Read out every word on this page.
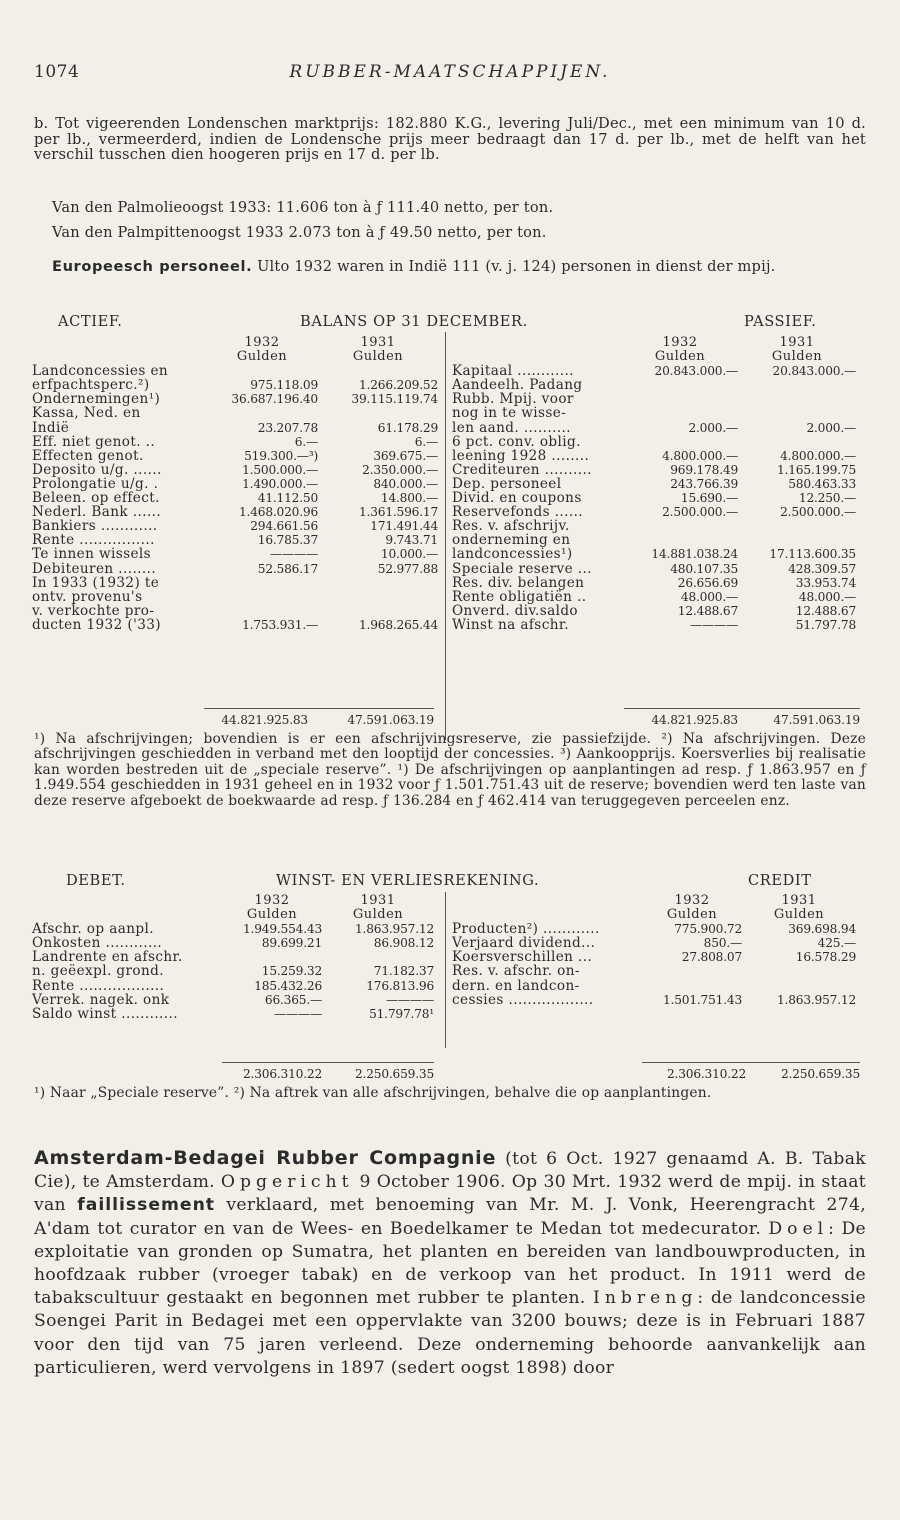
1074	RUBBER-MAATSCHAPPIJEN.
b. Tot vigeerenden Londenschen marktprijs: 182.880 K.G., levering Juli/Dec., met een minimum van 10 d. per lb., vermeerderd, indien de Londensche prijs meer bedraagt dan 17 d. per lb., met de helft van het verschil tusschen dien hoogeren prijs en 17 d. per lb.
Van den Palmolieoogst 1933: 11.606 ton à ƒ 111.40 netto, per ton.
Van den Palmpittenoogst 1933 2.073 ton à ƒ 49.50 netto, per ton.
Europeesch personeel. Ulto 1932 waren in Indië 111 (v. j. 124) personen in dienst der mpij.
ACTIEF.	BALANS OP 31 DECEMBER.	PASSIEF.
	1932	1931
	Gulden	Gulden
Landconcessies en		
erfpachtsperc.²)	975.118.09	1.266.209.52
Ondernemingen¹)	36.687.196.40	39.115.119.74
Kassa, Ned. en		
Indië	23.207.78	61.178.29
Eff. niet genot. ..	6.—	6.—
Effecten genot.	519.300.—³)	369.675.—
Deposito u/g. ......	1.500.000.—	2.350.000.—
Prolongatie u/g. .	1.490.000.—	840.000.—
Beleen. op effect.	41.112.50	14.800.—
Nederl. Bank ......	1.468.020.96	1.361.596.17
Bankiers ............	294.661.56	171.491.44
Rente ................	16.785.37	9.743.71
Te innen wissels	————	10.000.—
Debiteuren ........	52.586.17	52.977.88
In 1933 (1932) te		
ontv. provenu's		
v. verkochte pro-		
ducten 1932 ('33)	1.753.931.—	1.968.265.44
	1932	1931
	Gulden	Gulden

Kapitaal ............	20.843.000.—	20.843.000.—
Aandeelh. Padang		
Rubb. Mpij. voor		
nog in te wisse-		
len aand. ..........	2.000.—	2.000.—
6 pct. conv. oblig.		
leening 1928 ........	4.800.000.—	4.800.000.—
Crediteuren ..........	969.178.49	1.165.199.75
Dep. personeel	243.766.39	580.463.33
Divid. en coupons	15.690.—	12.250.—
Reservefonds ......	2.500.000.—	2.500.000.—
Res. v. afschrijv.		
onderneming en		
landconcessies¹)	14.881.038.24	17.113.600.35
Speciale reserve ...	480.107.35	428.309.57
Res. div. belangen	26.656.69	33.953.74
Rente obligatiën ..	48.000.—	48.000.—
Onverd. div.saldo	12.488.67	12.488.67
Winst na afschr.	————	51.797.78
44.821.925.83	47.591.063.19	44.821.925.83	47.591.063.19
¹) Na afschrijvingen; bovendien is er een afschrijvingsreserve, zie passiefzijde. ²) Na afschrijvingen. Deze afschrijvingen geschiedden in verband met den looptijd der concessies. ³) Aankoopprijs. Koersverlies bij realisatie kan worden bestreden uit de „speciale reserve”. ¹) De afschrijvingen op aanplantingen ad resp. ƒ 1.863.957 en ƒ 1.949.554 geschiedden in 1931 geheel en in 1932 voor ƒ 1.501.751.43 uit de reserve; bovendien werd ten laste van deze reserve afgeboekt de boekwaarde ad resp. ƒ 136.284 en ƒ 462.414 van teruggegeven perceelen enz.
DEBET.	WINST- EN VERLIESREKENING.	CREDIT
	1932	1931
	Gulden	Gulden
Afschr. op aanpl.	1.949.554.43	1.863.957.12
Onkosten ............	89.699.21	86.908.12
Landrente en afschr.		
n. geëexpl. grond.	15.259.32	71.182.37
Rente ..................	185.432.26	176.813.96
Verrek. nagek. onk	66.365.—	————
Saldo winst ............	————	51.797.78¹
	1932	1931
	Gulden	Gulden

Producten²) ............	775.900.72	369.698.94
Verjaard dividend...	850.—	425.—
Koersverschillen ...	27.808.07	16.578.29
Res. v. afschr. on-		
dern. en landcon-		
cessies ..................	1.501.751.43	1.863.957.12
2.306.310.22	2.250.659.35	2.306.310.22	2.250.659.35
¹) Naar „Speciale reserve”. ²) Na aftrek van alle afschrijvingen, behalve die op aanplantingen.
Amsterdam-Bedagei Rubber Compagnie (tot 6 Oct. 1927 genaamd A. B. Tabak Cie), te Amsterdam. Opgericht 9 October 1906. Op 30 Mrt. 1932 werd de mpij. in staat van faillissement verklaard, met benoeming van Mr. M. J. Vonk, Heerengracht 274, A'dam tot curator en van de Wees- en Boedelkamer te Medan tot medecurator. Doel: De exploitatie van gronden op Sumatra, het planten en bereiden van landbouwproducten, in hoofdzaak rubber (vroeger tabak) en de verkoop van het product. In 1911 werd de tabakscultuur gestaakt en begonnen met rubber te planten. Inbreng: de landconcessie Soengei Parit in Bedagei met een oppervlakte van 3200 bouws; deze is in Februari 1887 voor den tijd van 75 jaren verleend. Deze onderneming behoorde aanvankelijk aan particulieren, werd vervolgens in 1897 (sedert oogst 1898) door
